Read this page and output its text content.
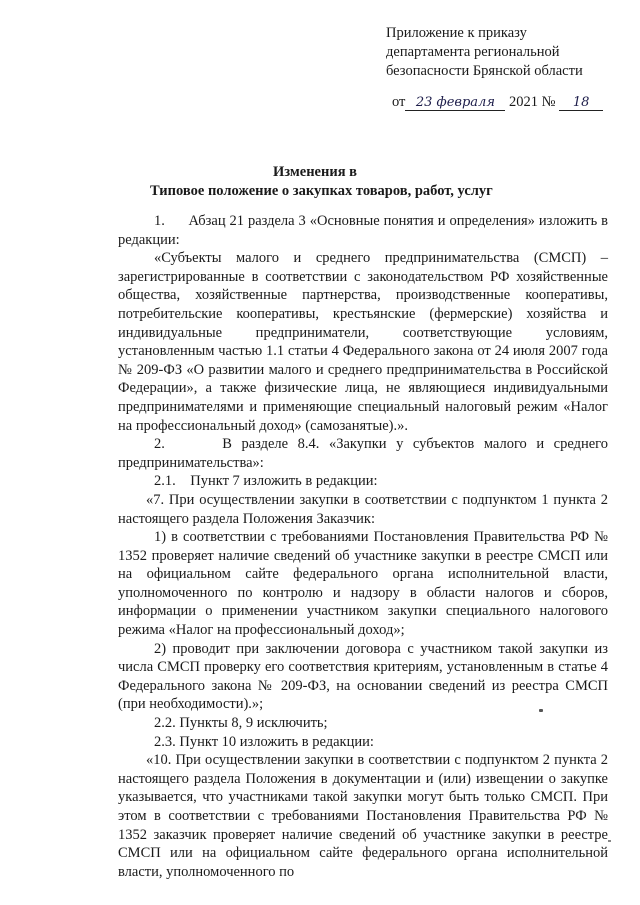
Приложение к приказу
департамента региональной
безопасности Брянской области
от 23 февраля 2021 № 18
Изменения в
Типовое положение о закупках товаров, работ, услуг

1.      Абзац 21 раздела 3 «Основные понятия и определения» изложить в редакции:

«Субъекты малого и среднего предпринимательства (СМСП) – зарегистрированные в соответствии с законодательством РФ хозяйственные общества, хозяйственные партнерства, производственные кооперативы, потребительские кооперативы, крестьянские (фермерские) хозяйства и индивидуальные предприниматели, соответствующие условиям, установленным частью 1.1 статьи 4 Федерального закона от 24 июля 2007 года № 209-ФЗ «О развитии малого и среднего предпринимательства в Российской Федерации», а также физические лица, не являющиеся индивидуальными предпринимателями и применяющие специальный налоговый режим «Налог на профессиональный доход» (самозанятые).».

2.      В разделе 8.4. «Закупки у субъектов малого и среднего предпринимательства»:

2.1.    Пункт 7 изложить в редакции:

«7. При осуществлении закупки в соответствии с подпунктом 1 пункта 2 настоящего раздела Положения Заказчик:

1) в соответствии с требованиями Постановления Правительства РФ № 1352 проверяет наличие сведений об участнике закупки в реестре СМСП или на официальном сайте федерального органа исполнительной власти, уполномоченного по контролю и надзору в области налогов и сборов, информации о применении участником закупки специального налогового режима «Налог на профессиональный доход»;

2) проводит при заключении договора с участником такой закупки из числа СМСП проверку его соответствия критериям, установленным в статье 4 Федерального закона № 209-ФЗ, на основании сведений из реестра СМСП (при необходимости).»;

2.2. Пункты 8, 9 исключить;

2.3. Пункт 10 изложить в редакции:

«10. При осуществлении закупки в соответствии с подпунктом 2 пункта 2 настоящего раздела Положения в документации и (или) извещении о закупке указывается, что участниками такой закупки могут быть только СМСП. При этом в соответствии с требованиями Постановления Правительства РФ № 1352 заказчик проверяет наличие сведений об участнике закупки в реестре СМСП или на официальном сайте федерального органа исполнительной власти, уполномоченного по
